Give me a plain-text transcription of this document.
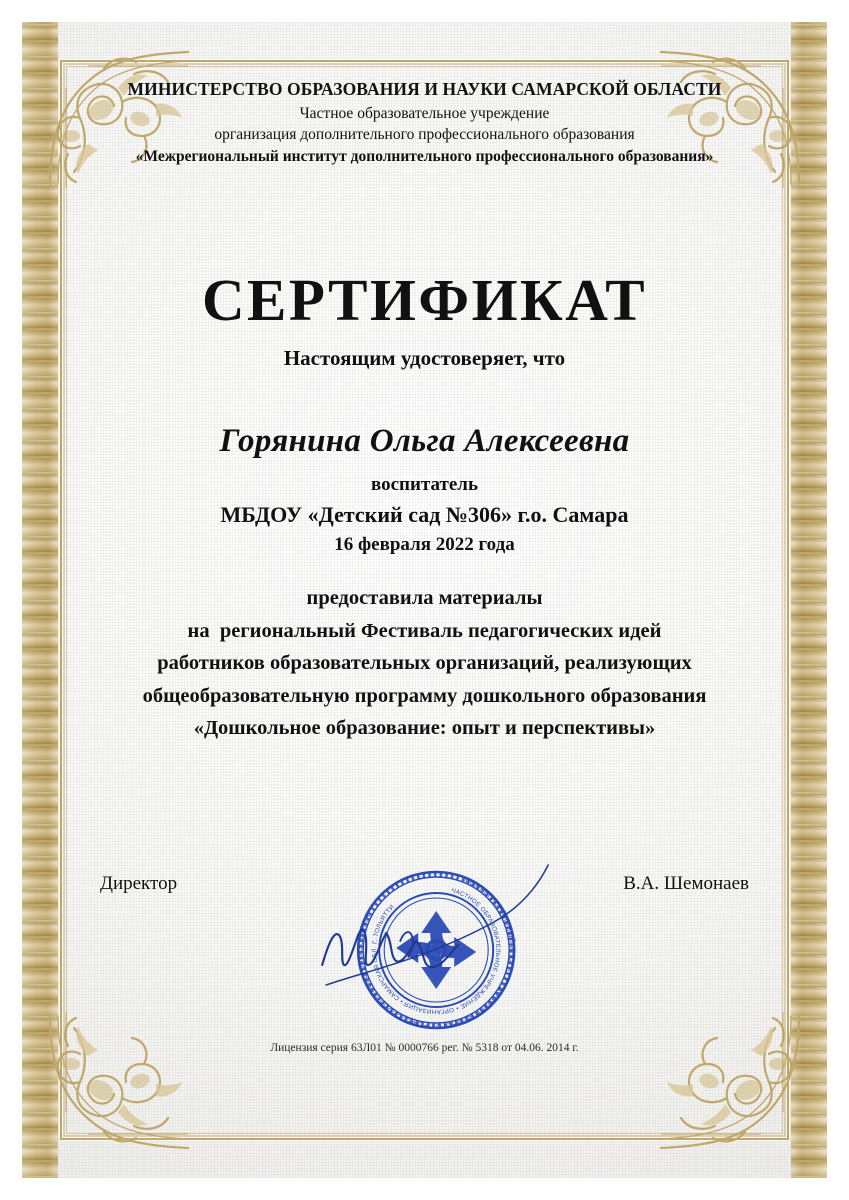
МИНИСТЕРСТВО ОБРАЗОВАНИЯ И НАУКИ САМАРСКОЙ ОБЛАСТИ
Частное образовательное учреждение
организация дополнительного профессионального образования
«Межрегиональный институт дополнительного профессионального образования»
СЕРТИФИКАТ
Настоящим удостоверяет, что
Горянина Ольга Алексеевна
воспитатель
МБДОУ «Детский сад №306» г.о. Самара
16 февраля 2022 года
предоставила материалы
на  региональный Фестиваль педагогических идей
работников образовательных организаций, реализующих
общеобразовательную программу дошкольного образования
«Дошкольное образование: опыт и перспективы»
МЕЖРЕГИОНАЛЬНЫЙ ИНСТИТУТ ДОПОЛНИТЕЛЬНОГО ПРОФЕССИОНАЛЬНОГО ОБРАЗОВАНИЯ
ЧАСТНОЕ ОБРАЗОВАТЕЛЬНОЕ УЧРЕЖДЕНИЕ • ОРГАНИЗАЦИЯ • САМАРСКАЯ ОБЛ. Г. ТОЛЬЯТТИ
Директор	В.А. Шемонаев
Лицензия серия 63Л01 № 0000766 рег. № 5318 от 04.06. 2014 г.
